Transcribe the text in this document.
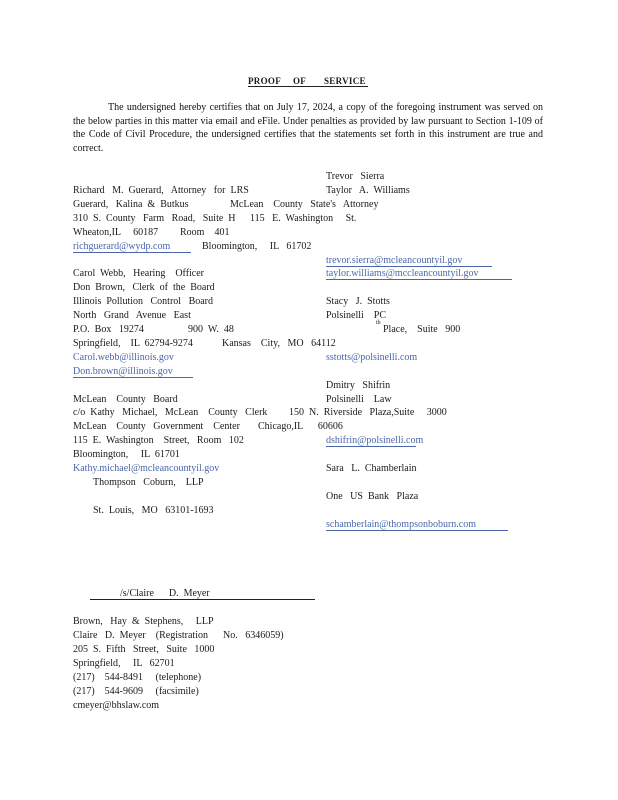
PROOF OF SERVICE
The undersigned hereby certifies that on July 17, 2024, a copy of the foregoing instrument was served on the below parties in this matter via email and eFile. Under penalties as provided by law pursuant to Section 1-109 of the Code of Civil Procedure, the undersigned certifies that the statements set forth in this instrument are true and correct.
Richard   M.  Guerard,   Attorney   for  LRS
Guerard,   Kalina  &  Butkus
310  S.  County   Farm   Road,   Suite  H
Wheaton,IL     60187
richguerard@wydp.com
Carol  Webb,   Hearing    Officer
Don  Brown,   Clerk  of  the  Board
Illinois  Pollution   Control   Board
North   Grand   Avenue   East
P.O.  Box   19274
Springfield,    IL  62794-9274
Carol.webb@illinois.gov
Don.brown@illinois.gov
McLean    County   Board
c/o  Kathy   Michael,   McLean    County   Clerk
McLean    County   Government    Center
115  E.  Washington    Street,   Room   102
Bloomington,     IL  61701
Kathy.michael@mcleancountyil.gov
Thompson   Coburn,    LLP
St.  Louis,   MO   63101-1693
Trevor   Sierra
Taylor   A.  Williams
McLean    County   State's   Attorney
115   E.  Washington     St.
Room    401
Bloomington,     IL   61702
trevor.sierra@mcleancountyil.gov
taylor.williams@mccleancountyil.gov
Stacy   J.  Stotts
Polsinelli    PC
900  W.  48
th
Place,    Suite   900
Kansas    City,   MO   64112
sstotts@polsinelli.com
Dmitry   Shifrin
Polsinelli    Law
150  N.  Riverside   Plaza,Suite     3000
Chicago,IL      60606
dshifrin@polsinelli.com
Sara   L.  Chamberlain
One   US  Bank   Plaza
schamberlain@thompsonboburn.com
/s/Claire      D.  Meyer
Brown,   Hay  &  Stephens,     LLP
Claire   D.  Meyer    (Registration      No.   6346059)
205  S.  Fifth   Street,   Suite   1000
Springfield,     IL   62701
(217)    544-8491     (telephone)
(217)    544-9609     (facsimile)
cmeyer@bhslaw.com
